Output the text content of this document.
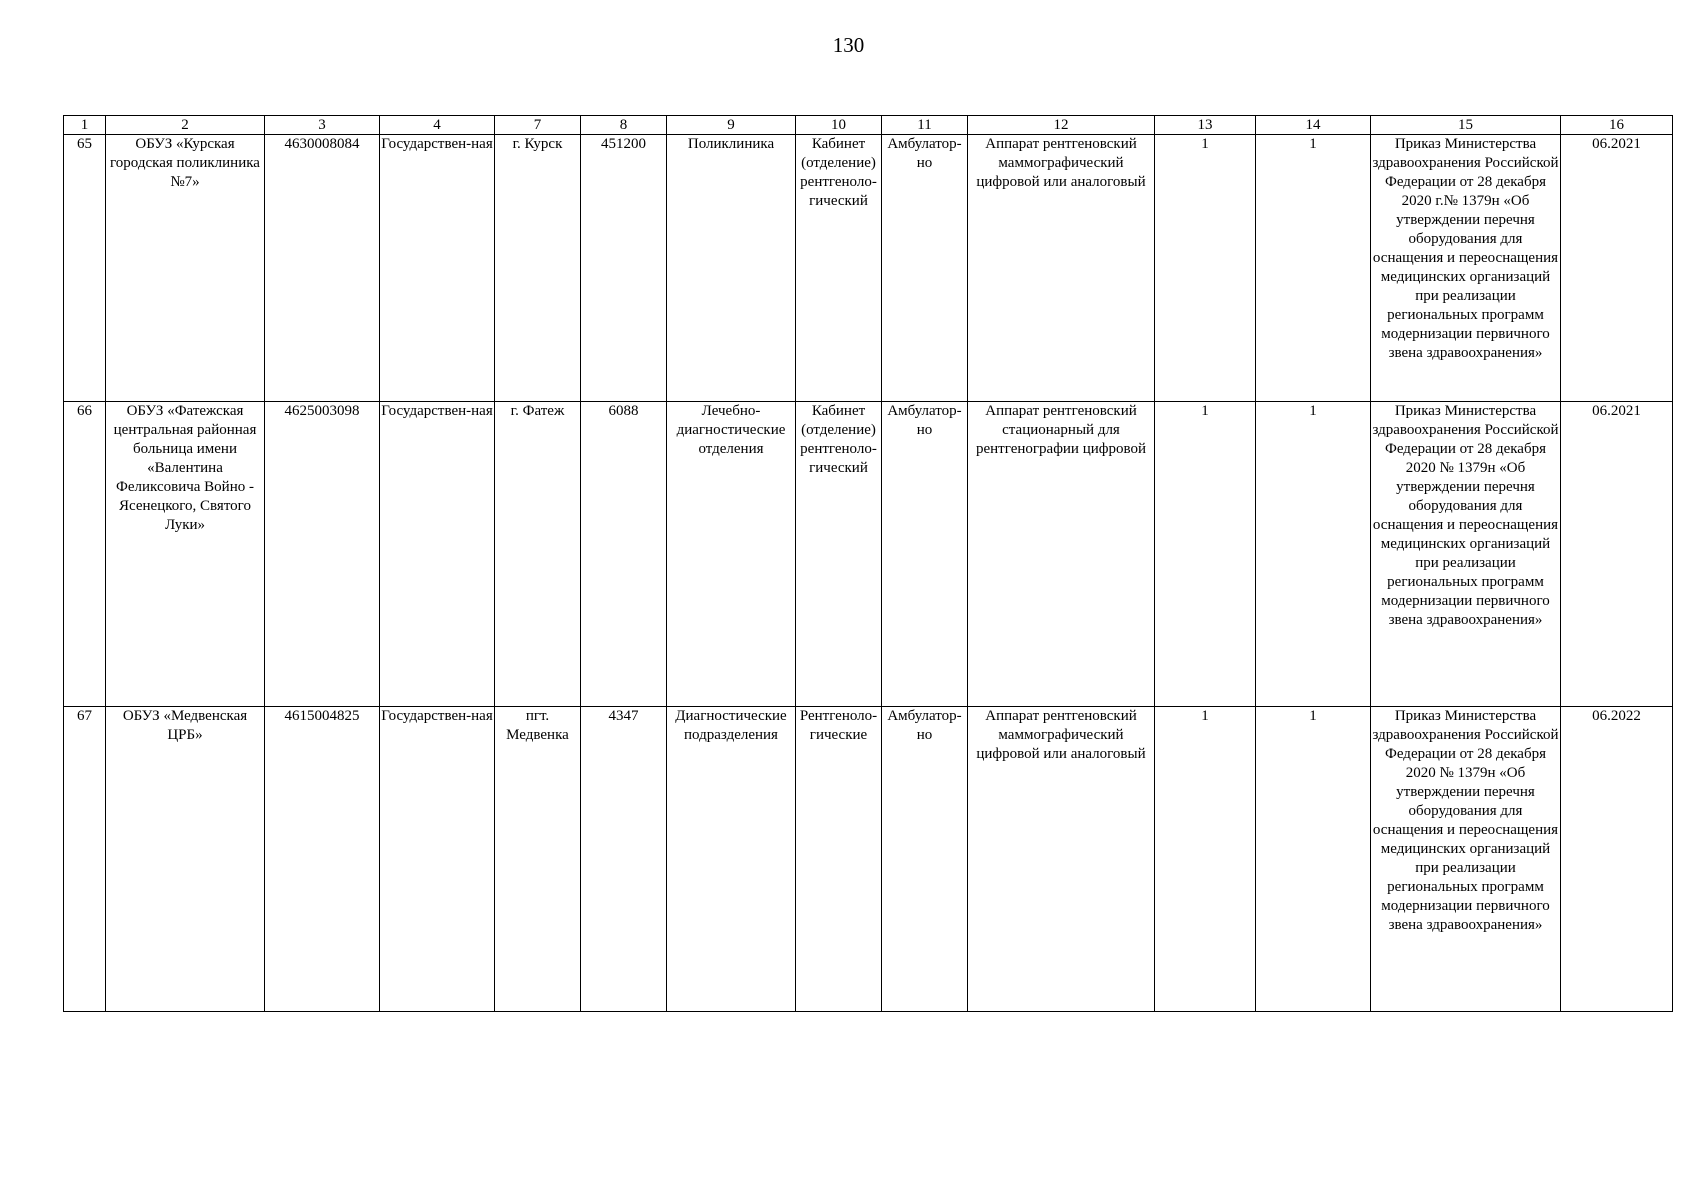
130
1	2	3	4	7	8	9	10	11	12	13	14	15	16
65	ОБУЗ «Курская городская поликлиника №7»	4630008084	Государствен-ная	г. Курск	451200	Поликлиника	Кабинет (отделение) рентгеноло-гический	Амбулатор-но	Аппарат рентгеновский маммографический цифровой или аналоговый	1	1	Приказ Министерства здравоохранения Российской Федерации от 28 декабря 2020 г.№ 1379н «Об утверждении перечня оборудования для оснащения и переоснащения медицинских организаций при реализации региональных программ модернизации первичного звена здравоохранения»	06.2021
66	ОБУЗ «Фатежская центральная районная больница имени «Валентина Феликсовича Войно - Ясенецкого, Святого Луки»	4625003098	Государствен-ная	г. Фатеж	6088	Лечебно-диагностические отделения	Кабинет (отделение) рентгеноло-гический	Амбулатор-но	Аппарат рентгеновский стационарный для рентгенографии цифровой	1	1	Приказ Министерства здравоохранения Российской Федерации от 28 декабря 2020 № 1379н «Об утверждении перечня оборудования для оснащения и переоснащения медицинских организаций при реализации региональных программ модернизации первичного звена здравоохранения»	06.2021
67	ОБУЗ «Медвенская ЦРБ»	4615004825	Государствен-ная	пгт. Медвенка	4347	Диагностические подразделения	Рентгеноло-гические	Амбулатор-но	Аппарат рентгеновский маммографический цифровой или аналоговый	1	1	Приказ Министерства здравоохранения Российской Федерации от 28 декабря 2020 № 1379н «Об утверждении перечня оборудования для оснащения и переоснащения медицинских организаций при реализации региональных программ модернизации первичного звена здравоохранения»	06.2022
